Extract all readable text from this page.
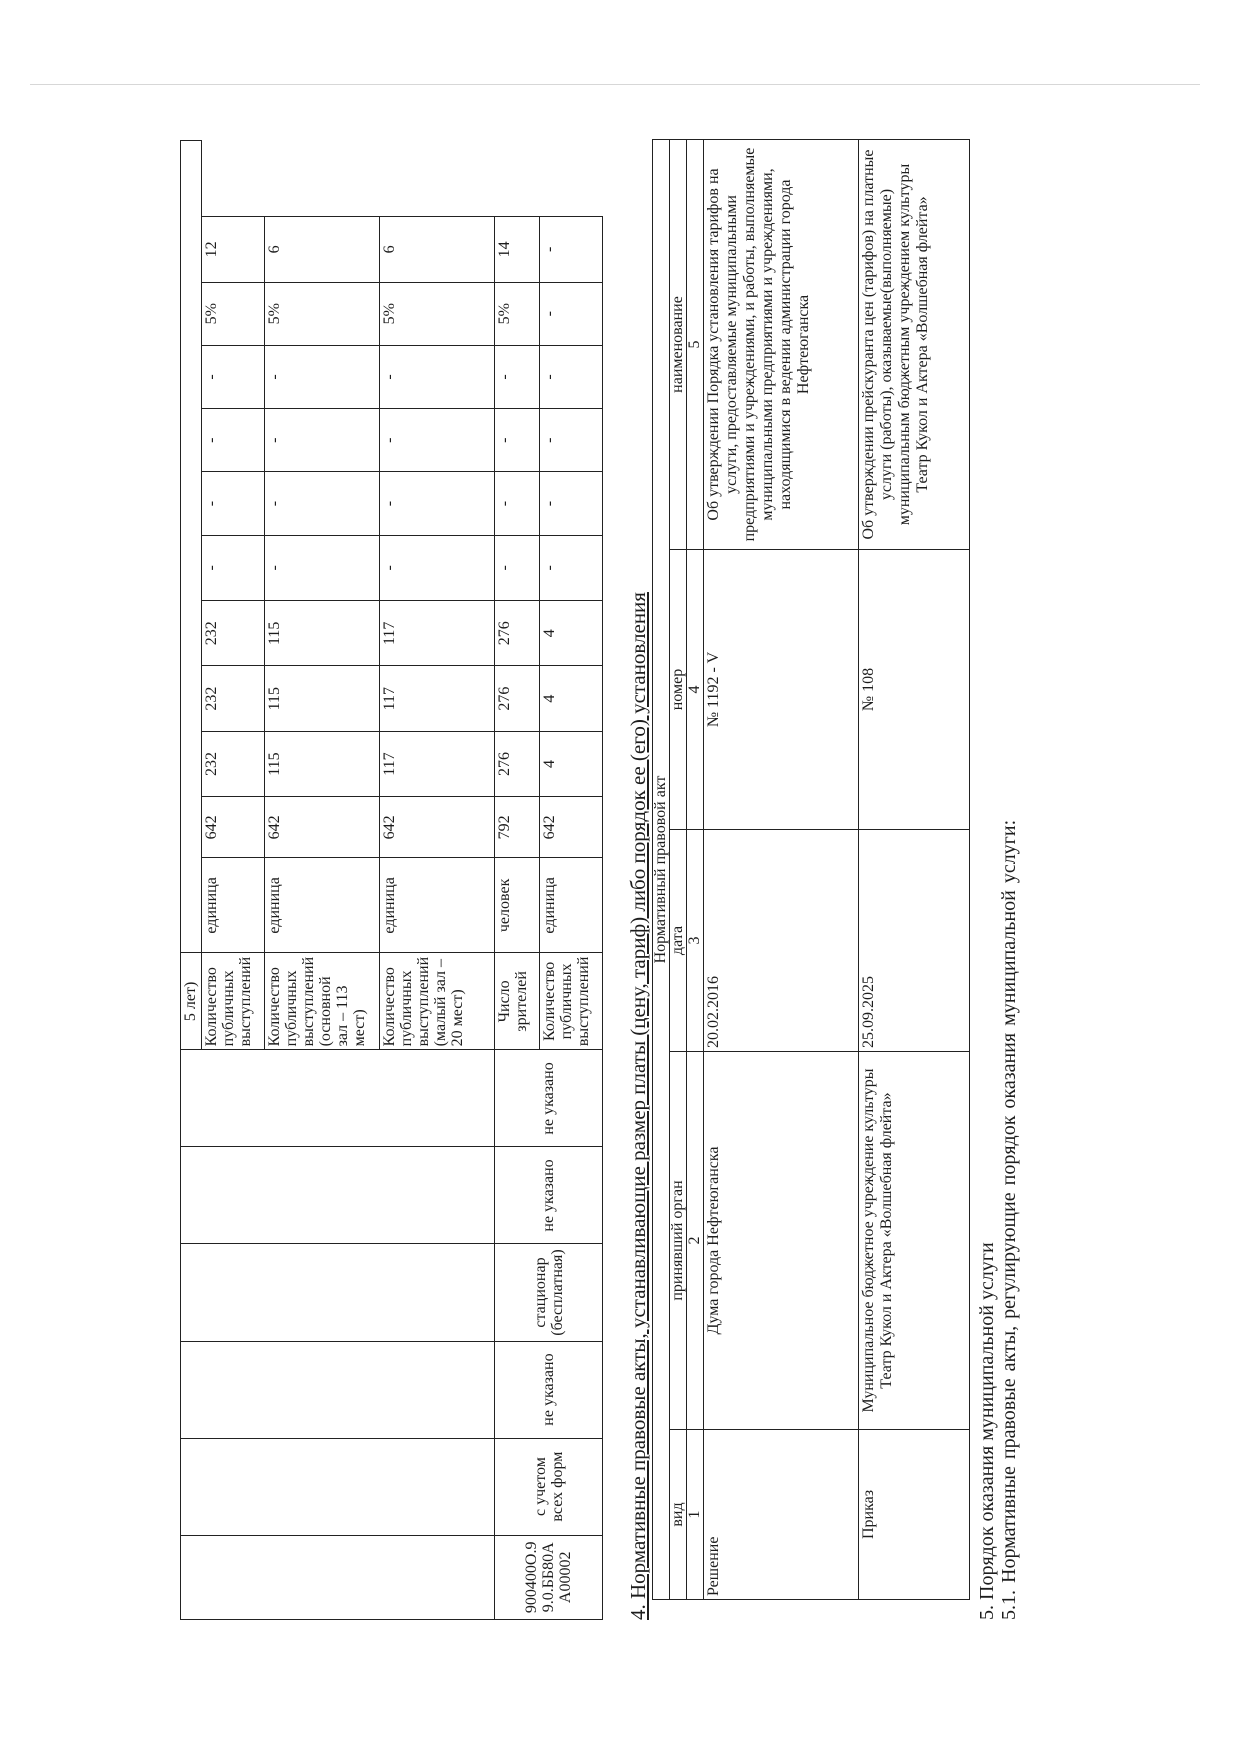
						5 лет)											
						Количество публичных выступлений	единица	642	232	232	232	-	-	-	-	5%	12
						Количество публичных выступлений (основной зал – 113 мест)	единица	642	115	115	115	-	-	-	-	5%	6
						Количество публичных выступлений (малый зал – 20 мест)	единица	642	117	117	117	-	-	-	-	5%	6
900400О.99.0.ББ80АА00002	с учетом всех форм	не указано	стационар (бесплатная)	не указано	не указано	Число зрителей	человек	792	276	276	276	-	-	-	-	5%	14
						Количество публичных выступлений	единица	642	4	4	4	-	-	-	-	-	-
4. Нормативные правовые акты, устанавливающие размер платы (цену, тариф) либо порядок ее (его) установления Нормативный правовой акт				
вид	принявший орган	дата	номер	наименование
1	2	3	4	5
Решение	Дума города Нефтеюганска	20.02.2016	№ 1192 - V	Об утверждении Порядка установления тарифов на услуги, предоставляемые муниципальными предприятиями и учреждениями, и работы, выполняемые муниципальными предприятиями и учреждениями, находящимися в ведении администрации города Нефтеюганска
Приказ	Муниципальное бюджетное учреждение культуры Театр Кукол и Актера «Волшебная флейта»	25.09.2025	№ 108	Об утверждении прейскуранта цен (тарифов) на платные услуги (работы), оказываемые(выполняемые) муниципальным бюджетным учреждением культуры Театр Кукол и Актера «Волшебная флейта»
5. Порядок оказания муниципальной услуги 5.1. Нормативные правовые акты, регулирующие порядок оказания муниципальной услуги:
